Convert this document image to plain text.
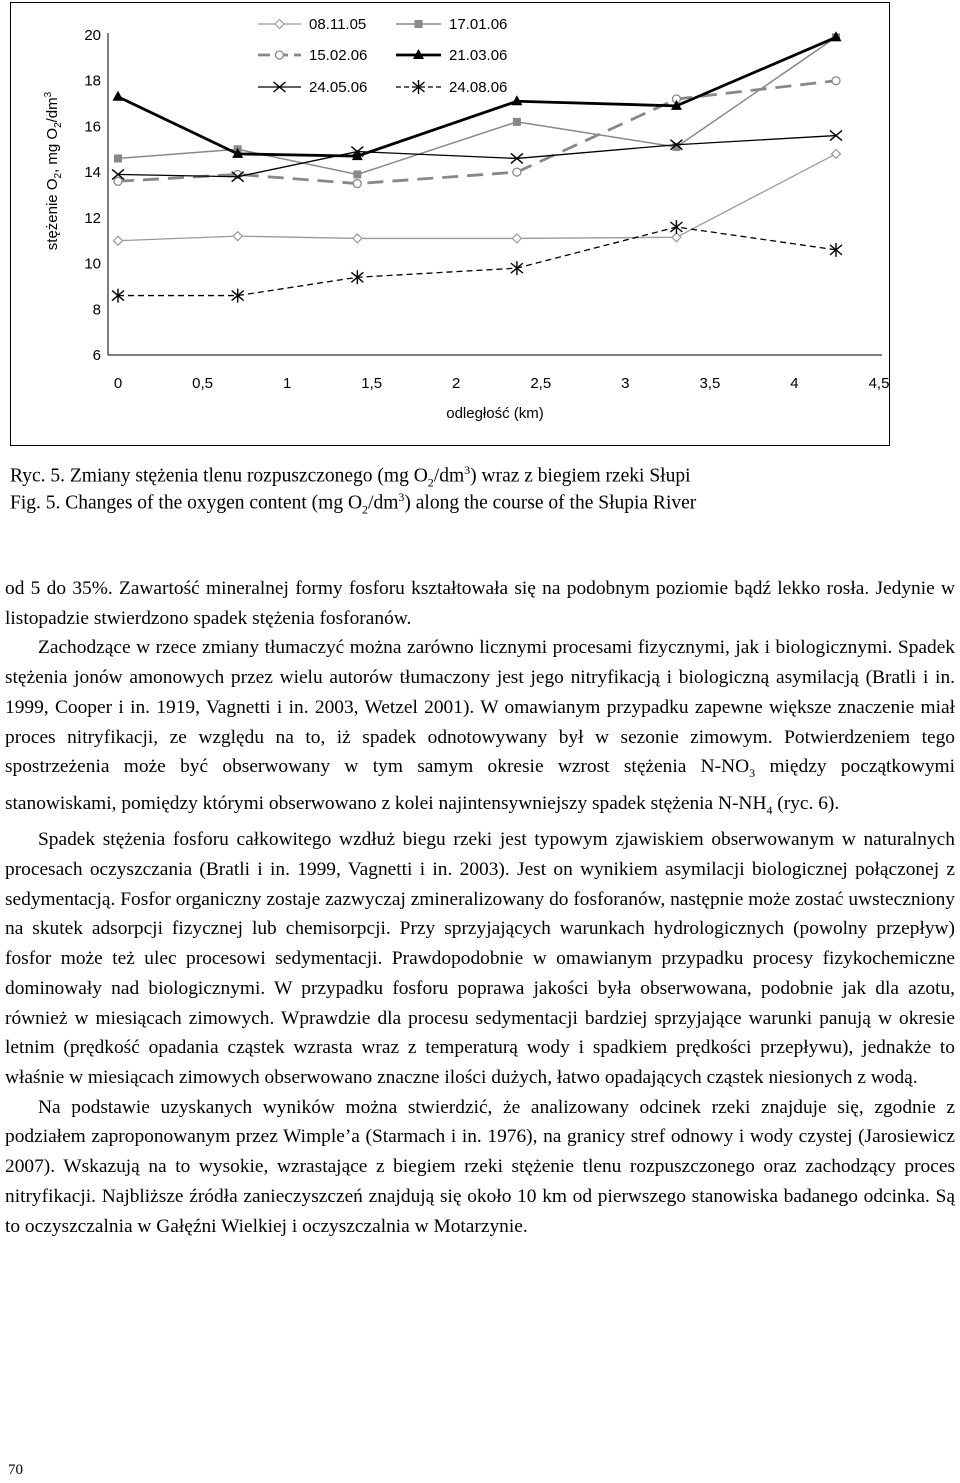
stężenie $O_2$, mg $O_2/dm^3$
odległość (km)
6
8
10
12
14
16
18
20
0	0,5	1	1,5	2	2,5	3	3,5	4	4,5
08.11.05	17.01.06
15.02.06	21.03.06
24.05.06	24.08.06
Ryc. 5. Zmiany stężenia tlenu rozpuszczonego (mg $O_2/dm^3$) wraz z biegiem rzeki Słupi
Fig. 5. Changes of the oxygen content (mg $O_2/dm^3$) along the course of the Słupia River

od 5 do 35%. Zawartość mineralnej formy fosforu kształtowała się na podobnym poziomie bądź lekko rosła. Jedynie w listopadzie stwierdzono spadek stężenia fosforanów.

Zachodzące w rzece zmiany tłumaczyć można zarówno licznymi procesami fizycznymi, jak i biologicznymi. Spadek stężenia jonów amonowych przez wielu autorów tłumaczony jest jego nitryfikacją i biologiczną asymilacją (Bratli i in. 1999, Cooper i in. 1919, Vagnetti i in. 2003, Wetzel 2001). W omawianym przypadku zapewne większe znaczenie miał proces nitryfikacji, ze względu na to, iż spadek odnotowywany był w sezonie zimowym. Potwierdzeniem tego spostrzeżenia może być obserwowany w tym samym okresie wzrost stężenia $N-NO_3$ między początkowymi stanowiskami, pomiędzy którymi obserwowano z kolei najintensywniejszy spadek stężenia $N-NH_4$ (ryc. 6).

Spadek stężenia fosforu całkowitego wzdłuż biegu rzeki jest typowym zjawiskiem obserwowanym w naturalnych procesach oczyszczania (Bratli i in. 1999, Vagnetti i in. 2003). Jest on wynikiem asymilacji biologicznej połączonej z sedymentacją. Fosfor organiczny zostaje zazwyczaj zmineralizowany do fosforanów, następnie może zostać uwsteczniony na skutek adsorpcji fizycznej lub chemisorpcji. Przy sprzyjających warunkach hydrologicznych (powolny przepływ) fosfor może też ulec procesowi sedymentacji. Prawdopodobnie w omawianym przypadku procesy fizykochemiczne dominowały nad biologicznymi. W przypadku fosforu poprawa jakości była obserwowana, podobnie jak dla azotu, również w miesiącach zimowych. Wprawdzie dla procesu sedymentacji bardziej sprzyjające warunki panują w okresie letnim (prędkość opadania cząstek wzrasta wraz z temperaturą wody i spadkiem prędkości przepływu), jednakże to właśnie w miesiącach zimowych obserwowano znaczne ilości dużych, łatwo opadających cząstek niesionych z wodą.

Na podstawie uzyskanych wyników można stwierdzić, że analizowany odcinek rzeki znajduje się, zgodnie z podziałem zaproponowanym przez Wimple’a (Starmach i in. 1976), na granicy stref odnowy i wody czystej (Jarosiewicz 2007). Wskazują na to wysokie, wzrastające z biegiem rzeki stężenie tlenu rozpuszczonego oraz zachodzący proces nitryfikacji. Najbliższe źródła zanieczyszczeń znajdują się około 10 km od pierwszego stanowiska badanego odcinka. Są to oczyszczalnia w Gałęźni Wielkiej i oczyszczalnia w Motarzynie.

70
